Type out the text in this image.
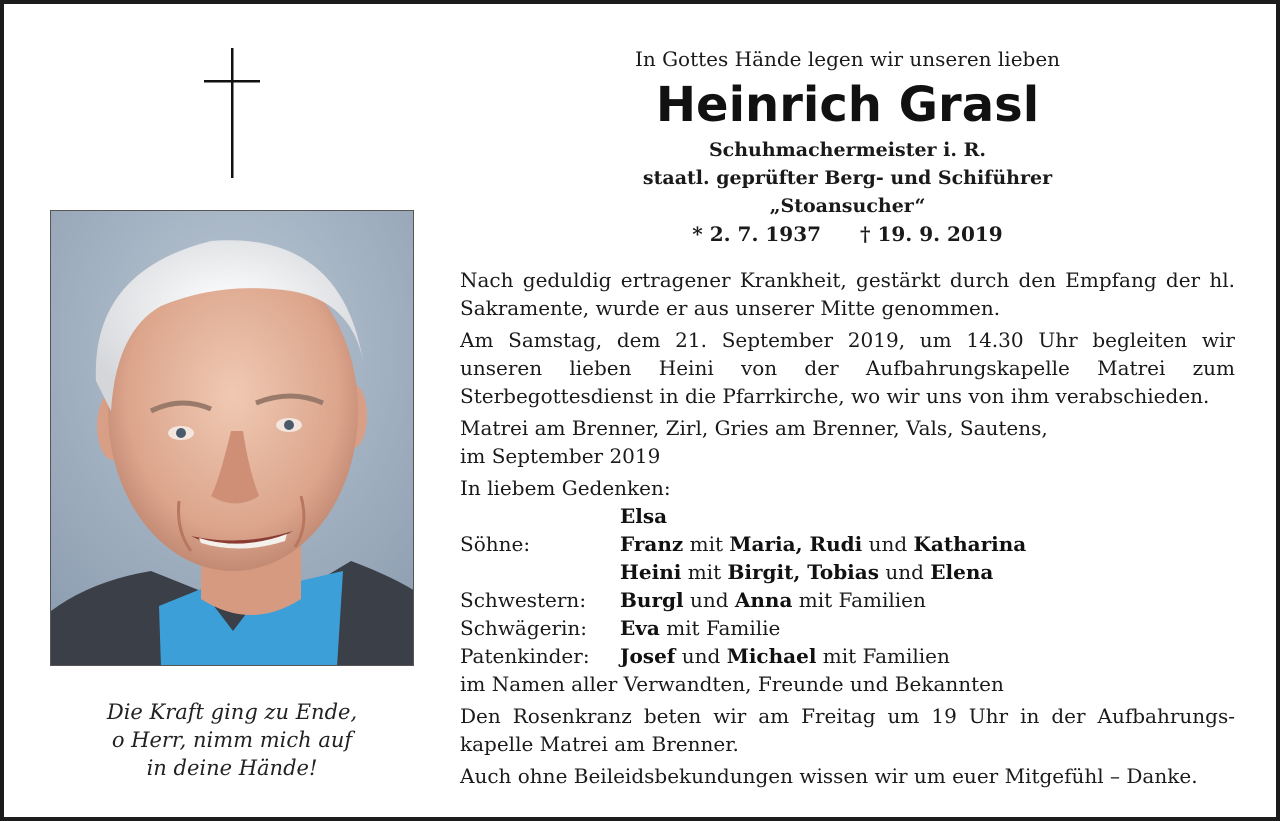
Die Kraft ging zu Ende,
o Herr, nimm mich auf
in deine Hände!
In Gottes Hände legen wir unseren lieben
Heinrich Grasl
Schuhmachermeister i. R.
staatl. geprüfter Berg- und Schiführer
„Stoansucher“
* 2. 7. 1937 † 19. 9. 2019
Nach geduldig ertragener Krankheit, gestärkt durch den Empfang der hl. Sakramente, wurde er aus unserer Mitte genommen.
Am Samstag, dem 21. September 2019, um 14.30 Uhr begleiten wir unseren lieben Heini von der Aufbahrungskapelle Matrei zum Sterbegottesdienst in die Pfarrkirche, wo wir uns von ihm verabschieden.
Matrei am Brenner, Zirl, Gries am Brenner, Vals, Sautens,
im September 2019
In liebem Gedenken:
Elsa
Söhne:	Franz mit Maria, Rudi und Katharina
Heini mit Birgit, Tobias und Elena
Schwestern:	Burgl und Anna mit Familien
Schwägerin:	Eva mit Familie
Patenkinder:	Josef und Michael mit Familien
im Namen aller Verwandten, Freunde und Bekannten
Den Rosenkranz beten wir am Freitag um 19 Uhr in der Aufbahrungskapelle Matrei am Brenner.
Auch ohne Beileidsbekundungen wissen wir um euer Mitgefühl – Danke.
